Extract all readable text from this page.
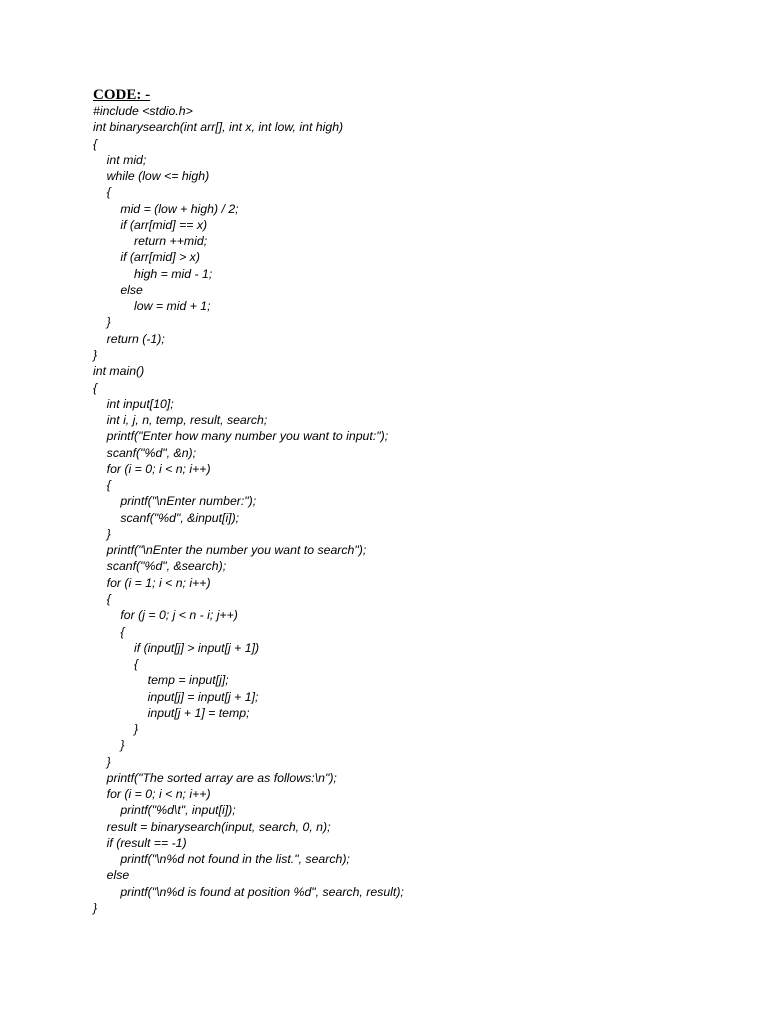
CODE: -
#include <stdio.h>
int binarysearch(int arr[], int x, int low, int high)
{
int mid;
while (low <= high)
{
mid = (low + high) / 2;
if (arr[mid] == x)
return ++mid;
if (arr[mid] > x)
high = mid - 1;
else
low = mid + 1;
}
return (-1);
}
int main()
{
int input[10];
int i, j, n, temp, result, search;
printf("Enter how many number you want to input:");
scanf("%d", &n);
for (i = 0; i < n; i++)
{
printf("\nEnter number:");
scanf("%d", &input[i]);
}
printf("\nEnter the number you want to search");
scanf("%d", &search);
for (i = 1; i < n; i++)
{
for (j = 0; j < n - i; j++)
{
if (input[j] > input[j + 1])
{
temp = input[j];
input[j] = input[j + 1];
input[j + 1] = temp;
}
}
}
printf("The sorted array are as follows:\n");
for (i = 0; i < n; i++)
printf("%d\t", input[i]);
result = binarysearch(input, search, 0, n);
if (result == -1)
printf("\n%d not found in the list.", search);
else
printf("\n%d is found at position %d", search, result);
}
